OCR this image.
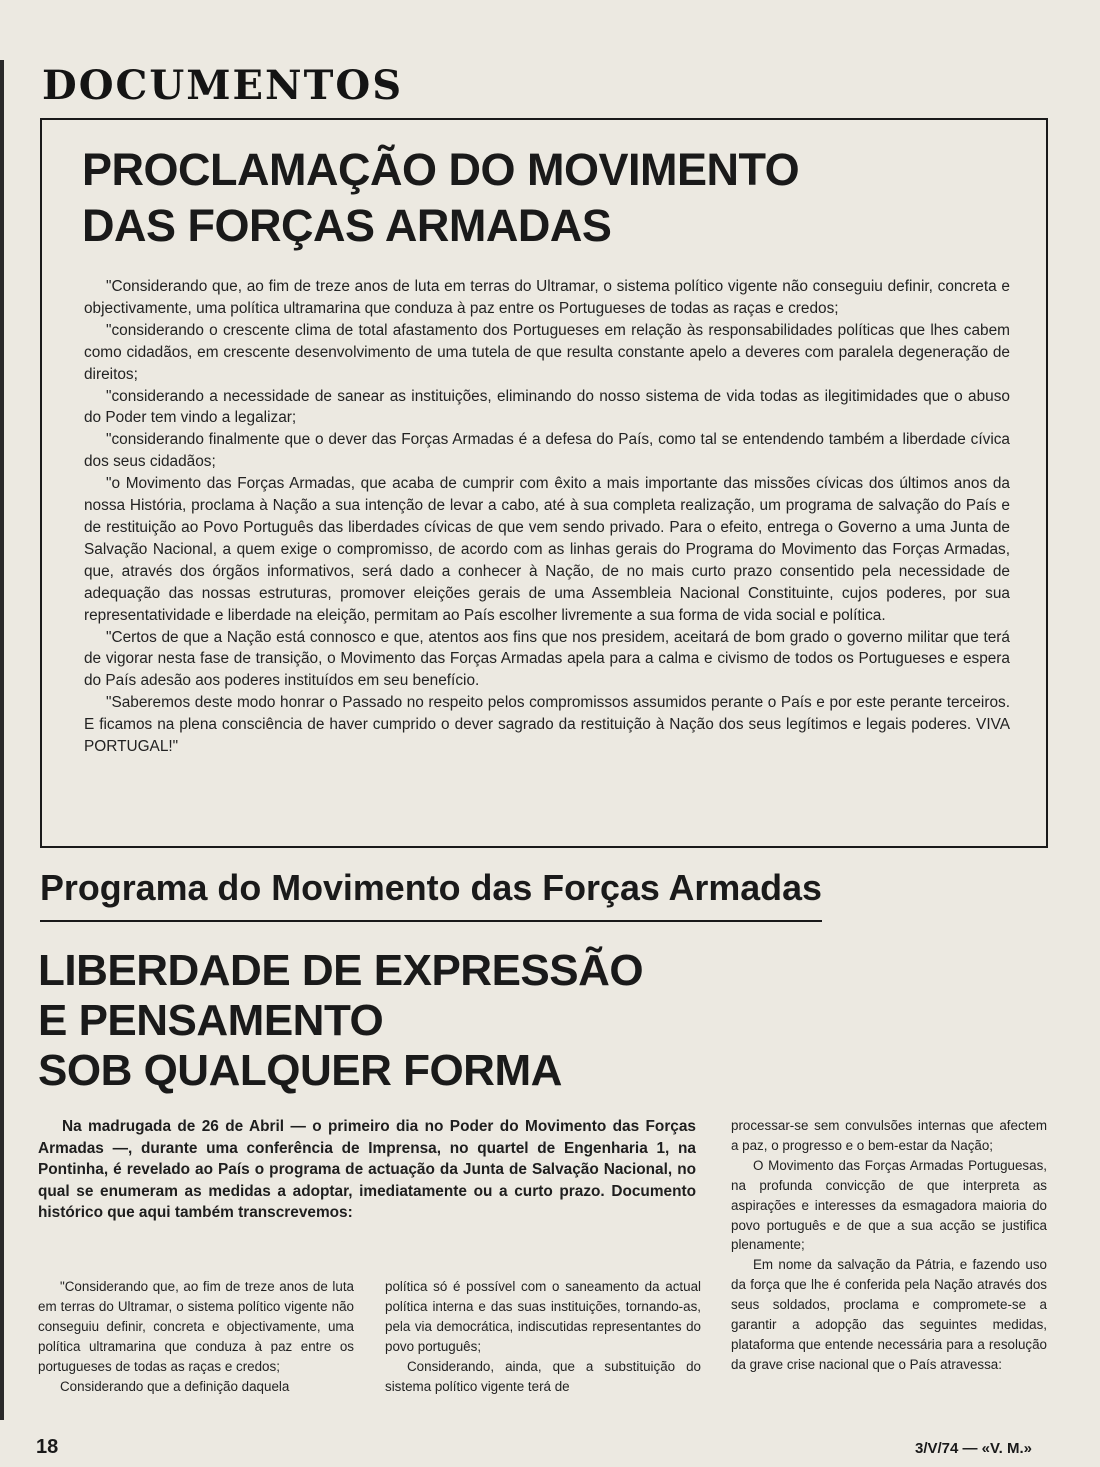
DOCUMENTOS
PROCLAMAÇÃO DO MOVIMENTO
DAS FORÇAS ARMADAS

"Considerando que, ao fim de treze anos de luta em terras do Ultramar, o sistema político vigente não conseguiu definir, concreta e objectivamente, uma política ultramarina que conduza à paz entre os Portugueses de todas as raças e credos;

"considerando o crescente clima de total afastamento dos Portugueses em relação às responsabilidades políticas que lhes cabem como cidadãos, em crescente desenvolvimento de uma tutela de que resulta constante apelo a deveres com paralela degeneração de direitos;

"considerando a necessidade de sanear as instituições, eliminando do nosso sistema de vida todas as ilegitimidades que o abuso do Poder tem vindo a legalizar;

"considerando finalmente que o dever das Forças Armadas é a defesa do País, como tal se entendendo também a liberdade cívica dos seus cidadãos;

"o Movimento das Forças Armadas, que acaba de cumprir com êxito a mais importante das missões cívicas dos últimos anos da nossa História, proclama à Nação a sua intenção de levar a cabo, até à sua completa realização, um programa de salvação do País e de restituição ao Povo Português das liberdades cívicas de que vem sendo privado. Para o efeito, entrega o Governo a uma Junta de Salvação Nacional, a quem exige o compromisso, de acordo com as linhas gerais do Programa do Movimento das Forças Armadas, que, através dos órgãos informativos, será dado a conhecer à Nação, de no mais curto prazo consentido pela necessidade de adequação das nossas estruturas, promover eleições gerais de uma Assembleia Nacional Constituinte, cujos poderes, por sua representatividade e liberdade na eleição, permitam ao País escolher livremente a sua forma de vida social e política.

"Certos de que a Nação está connosco e que, atentos aos fins que nos presidem, aceitará de bom grado o governo militar que terá de vigorar nesta fase de transição, o Movimento das Forças Armadas apela para a calma e civismo de todos os Portugueses e espera do País adesão aos poderes instituídos em seu benefício.

"Saberemos deste modo honrar o Passado no respeito pelos compromissos assumidos perante o País e por este perante terceiros. E ficamos na plena consciência de haver cumprido o dever sagrado da restituição à Nação dos seus legítimos e legais poderes. VIVA PORTUGAL!"

Programa do Movimento das Forças Armadas
LIBERDADE DE EXPRESSÃO
E PENSAMENTO
SOB QUALQUER FORMA

Na madrugada de 26 de Abril — o primeiro dia no Poder do Movimento das Forças Armadas —, durante uma conferência de Imprensa, no quartel de Engenharia 1, na Pontinha, é revelado ao País o programa de actuação da Junta de Salvação Nacional, no qual se enumeram as medidas a adoptar, imediatamente ou a curto prazo. Documento histórico que aqui também transcrevemos:

"Considerando que, ao fim de treze anos de luta em terras do Ultramar, o sistema político vigente não conseguiu definir, concreta e objectivamente, uma política ultramarina que conduza à paz entre os portugueses de todas as raças e credos;

Considerando que a definição daquela

política só é possível com o saneamento da actual política interna e das suas instituições, tornando-as, pela via democrática, indiscutidas representantes do povo português;

Considerando, ainda, que a substituição do sistema político vigente terá de

processar-se sem convulsões internas que afectem a paz, o progresso e o bem-estar da Nação;

O Movimento das Forças Armadas Portuguesas, na profunda convicção de que interpreta as aspirações e interesses da esmagadora maioria do povo português e de que a sua acção se justifica plenamente;

Em nome da salvação da Pátria, e fazendo uso da força que lhe é conferida pela Nação através dos seus soldados, proclama e compromete-se a garantir a adopção das seguintes medidas, plataforma que entende necessária para a resolução da grave crise nacional que o País atravessa:

18	3/V/74 — «V. M.»
